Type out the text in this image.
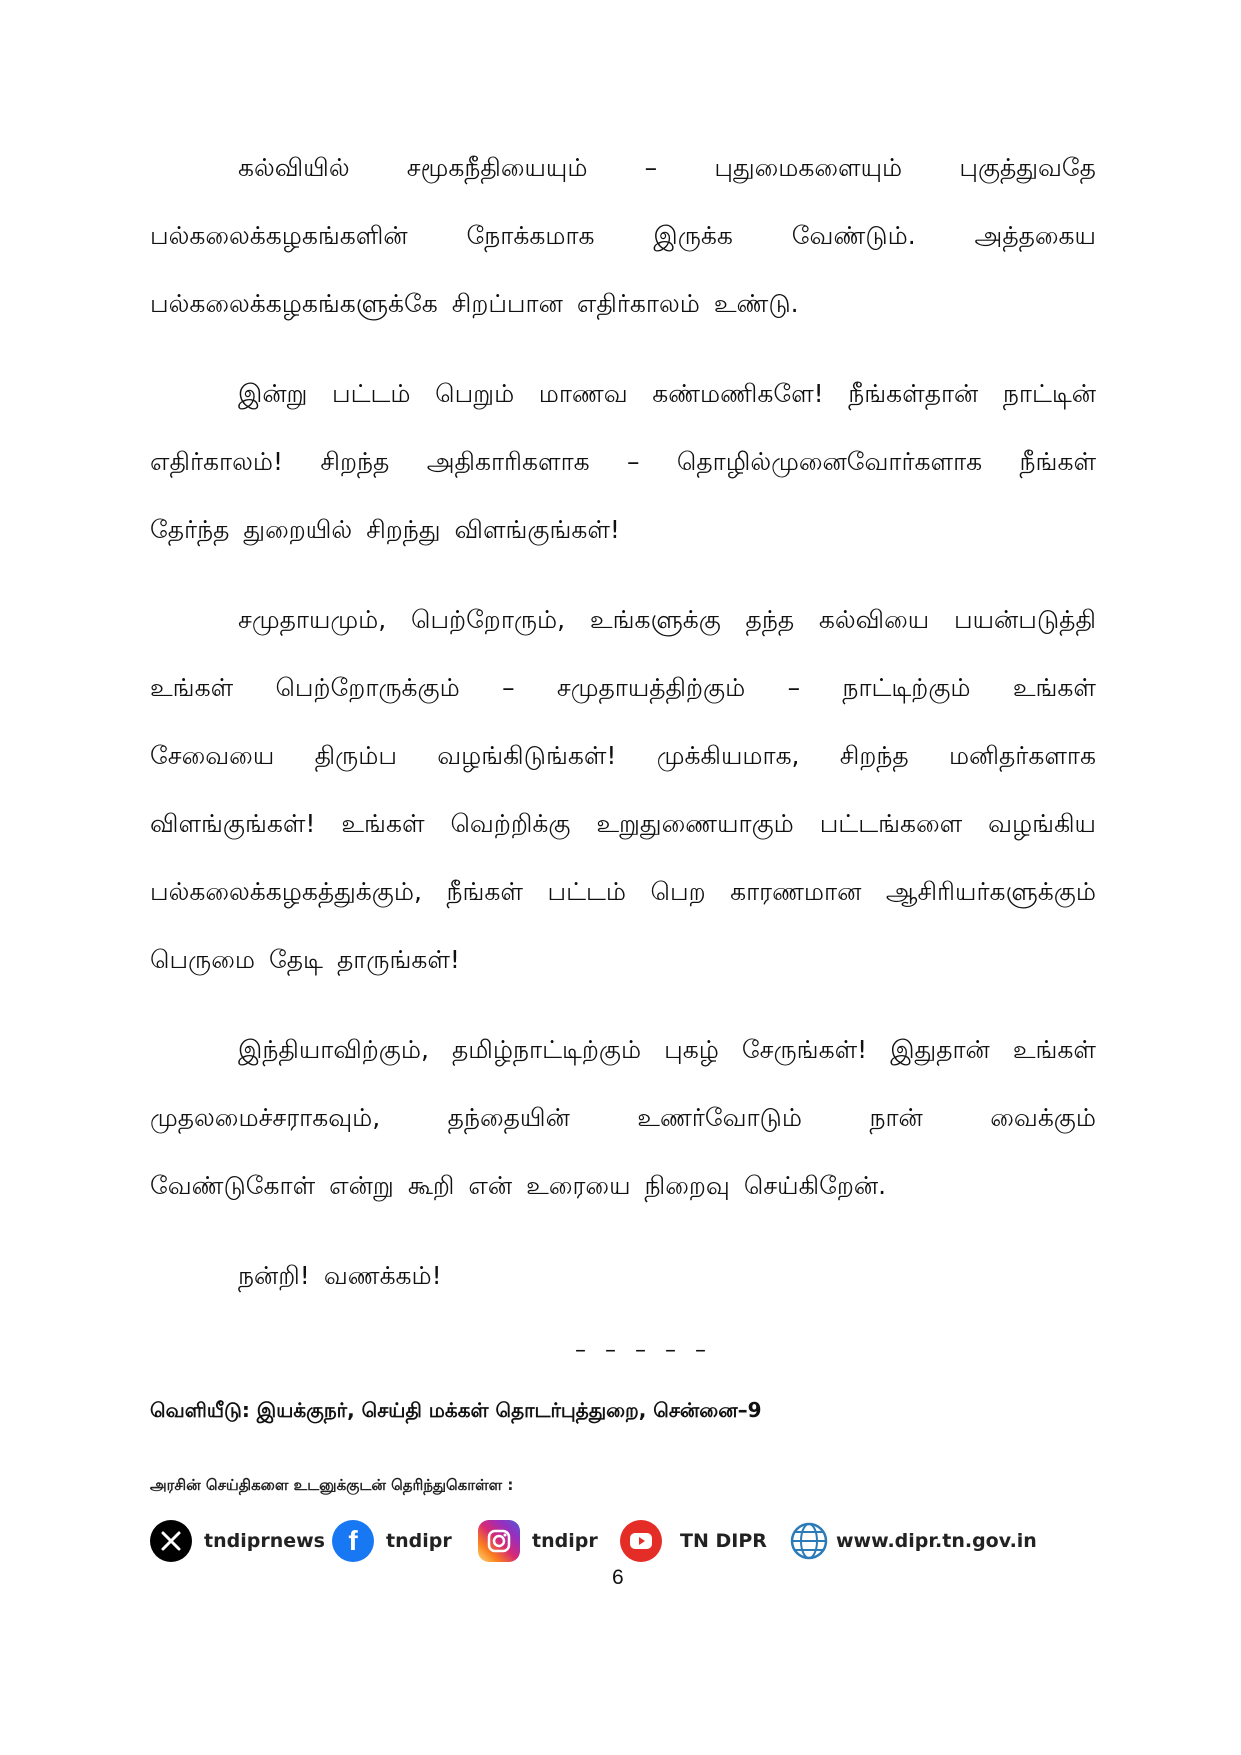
கல்வியில் சமூகநீதியையும் – புதுமைகளையும் புகுத்துவதே
பல்கலைக்கழகங்களின் நோக்கமாக இருக்க வேண்டும். அத்தகைய
பல்கலைக்கழகங்களுக்கே சிறப்பான எதிர்காலம் உண்டு.
இன்று பட்டம் பெறும் மாணவ கண்மணிகளே! நீங்கள்தான் நாட்டின்
எதிர்காலம்! சிறந்த அதிகாரிகளாக – தொழில்முனைவோர்களாக நீங்கள்
தேர்ந்த துறையில் சிறந்து விளங்குங்கள்!
சமுதாயமும், பெற்றோரும், உங்களுக்கு தந்த கல்வியை பயன்படுத்தி
உங்கள் பெற்றோருக்கும் – சமுதாயத்திற்கும் – நாட்டிற்கும் உங்கள்
சேவையை திரும்ப வழங்கிடுங்கள்! முக்கியமாக, சிறந்த மனிதர்களாக
விளங்குங்கள்! உங்கள் வெற்றிக்கு உறுதுணையாகும் பட்டங்களை வழங்கிய
பல்கலைக்கழகத்துக்கும், நீங்கள் பட்டம் பெற காரணமான ஆசிரியர்களுக்கும்
பெருமை தேடி தாருங்கள்!
இந்தியாவிற்கும், தமிழ்நாட்டிற்கும் புகழ் சேருங்கள்! இதுதான் உங்கள்
முதலமைச்சராகவும்,	தந்தையின்	உணர்வோடும்	நான்	வைக்கும்
வேண்டுகோள் என்று கூறி என் உரையை நிறைவு செய்கிறேன்.
நன்றி! வணக்கம்!
– – – – –
வெளியீடு: இயக்குநர், செய்தி மக்கள் தொடர்புத்துறை, சென்னை–9
அரசின் செய்திகளை உடனுக்குடன் தெரிந்துகொள்ள :
tndiprnews f	tndipr	tndipr	TN DIPR	www.dipr.tn.gov.in
6
